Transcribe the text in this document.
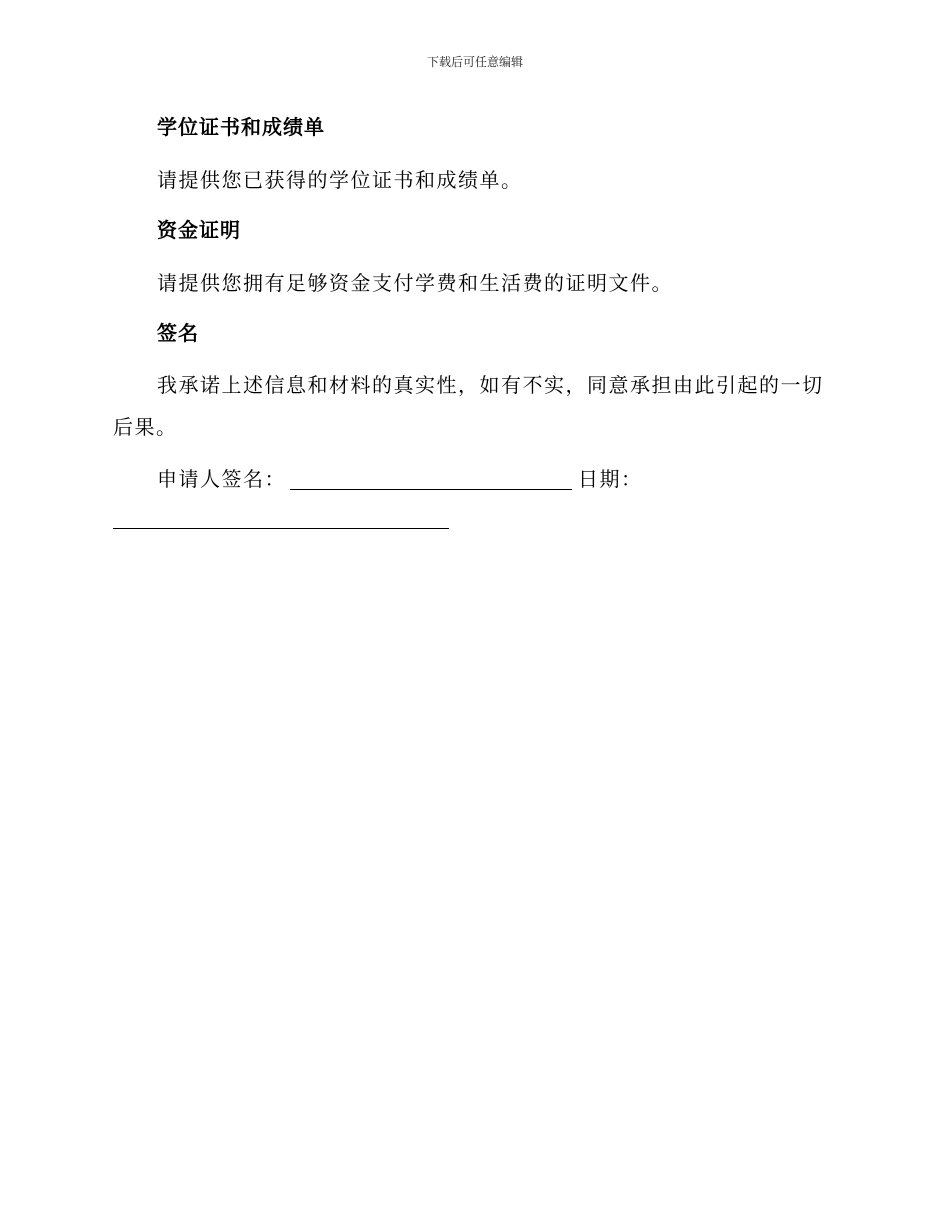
下载后可任意编辑
学位证书和成绩单
请提供您已获得的学位证书和成绩单。
资金证明
请提供您拥有足够资金支付学费和生活费的证明文件。
签名
我承诺上述信息和材料的真实性，如有不实，同意承担由此引起的一切后果。
申请人签名：	日期：
